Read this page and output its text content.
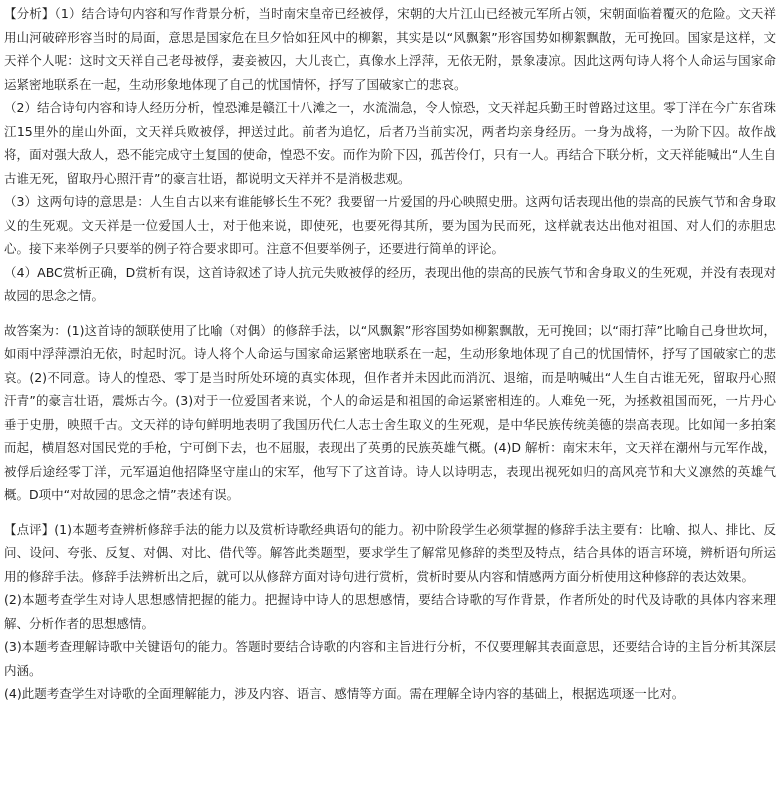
【分析】（1）结合诗句内容和写作背景分析，当时南宋皇帝已经被俘，宋朝的大片江山已经被元军所占领，宋朝面临着覆灭的危险。文天祥用山河破碎形容当时的局面，意思是国家危在旦夕恰如狂风中的柳絮，其实是以“风飘絮”形容国势如柳絮飘散，无可挽回。国家是这样，文天祥个人呢：这时文天祥自己老母被俘，妻妾被囚，大儿丧亡，真像水上浮萍，无依无附，景象凄凉。因此这两句诗人将个人命运与国家命运紧密地联系在一起，生动形象地体现了自己的忧国情怀，抒写了国破家亡的悲哀。

（2）结合诗句内容和诗人经历分析，惶恐滩是赣江十八滩之一，水流湍急，令人惊恐，文天祥起兵勤王时曾路过这里。零丁洋在今广东省珠江15里外的崖山外面，文天祥兵败被俘，押送过此。前者为追忆，后者乃当前实况，两者均亲身经历。一身为战将，一为阶下囚。故作战将，面对强大敌人，恐不能完成守土复国的使命，惶恐不安。而作为阶下囚，孤苦伶仃，只有一人。再结合下联分析，文天祥能喊出“人生自古谁无死，留取丹心照汗青”的豪言壮语，都说明文天祥并不是消极悲观。

（3）这两句诗的意思是：人生自古以来有谁能够长生不死？我要留一片爱国的丹心映照史册。这两句话表现出他的崇高的民族气节和舍身取义的生死观。文天祥是一位爱国人士，对于他来说，即使死，也要死得其所，要为国为民而死，这样就表达出他对祖国、对人们的赤胆忠心。接下来举例子只要举的例子符合要求即可。注意不但要举例子，还要进行简单的评论。

（4）ABC赏析正确，D赏析有误，这首诗叙述了诗人抗元失败被俘的经历，表现出他的崇高的民族气节和舍身取义的生死观，并没有表现对故园的思念之情。

故答案为：(1)这首诗的颔联使用了比喻（对偶）的修辞手法，以“风飘絮”形容国势如柳絮飘散，无可挽回；以“雨打萍”比喻自己身世坎坷，如雨中浮萍漂泊无依，时起时沉。诗人将个人命运与国家命运紧密地联系在一起，生动形象地体现了自己的忧国情怀，抒写了国破家亡的悲哀。(2)不同意。诗人的惶恐、零丁是当时所处环境的真实体现，但作者并未因此而消沉、退缩，而是呐喊出“人生自古谁无死，留取丹心照汗青”的豪言壮语，震烁古今。(3)对于一位爱国者来说，个人的命运是和祖国的命运紧密相连的。人难免一死，为拯救祖国而死，一片丹心垂于史册，映照千古。文天祥的诗句鲜明地表明了我国历代仁人志士舍生取义的生死观，是中华民族传统美德的崇高表现。比如闻一多拍案而起，横眉怒对国民党的手枪，宁可倒下去，也不屈服，表现出了英勇的民族英雄气概。(4)D 解析：南宋末年，文天祥在潮州与元军作战，被俘后途经零丁洋，元军逼迫他招降坚守崖山的宋军，他写下了这首诗。诗人以诗明志，表现出视死如归的高风亮节和大义凛然的英雄气概。D项中“对故园的思念之情”表述有误。

【点评】(1)本题考查辨析修辞手法的能力以及赏析诗歌经典语句的能力。初中阶段学生必须掌握的修辞手法主要有：比喻、拟人、排比、反问、设问、夸张、反复、对偶、对比、借代等。解答此类题型，要求学生了解常见修辞的类型及特点，结合具体的语言环境，辨析语句所运用的修辞手法。修辞手法辨析出之后，就可以从修辞方面对诗句进行赏析，赏析时要从内容和情感两方面分析使用这种修辞的表达效果。

(2)本题考查学生对诗人思想感情把握的能力。把握诗中诗人的思想感情，要结合诗歌的写作背景，作者所处的时代及诗歌的具体内容来理解、分析作者的思想感情。

(3)本题考查理解诗歌中关键语句的能力。答题时要结合诗歌的内容和主旨进行分析，不仅要理解其表面意思，还要结合诗的主旨分析其深层内涵。

(4)此题考查学生对诗歌的全面理解能力，涉及内容、语言、感情等方面。需在理解全诗内容的基础上，根据选项逐一比对。
